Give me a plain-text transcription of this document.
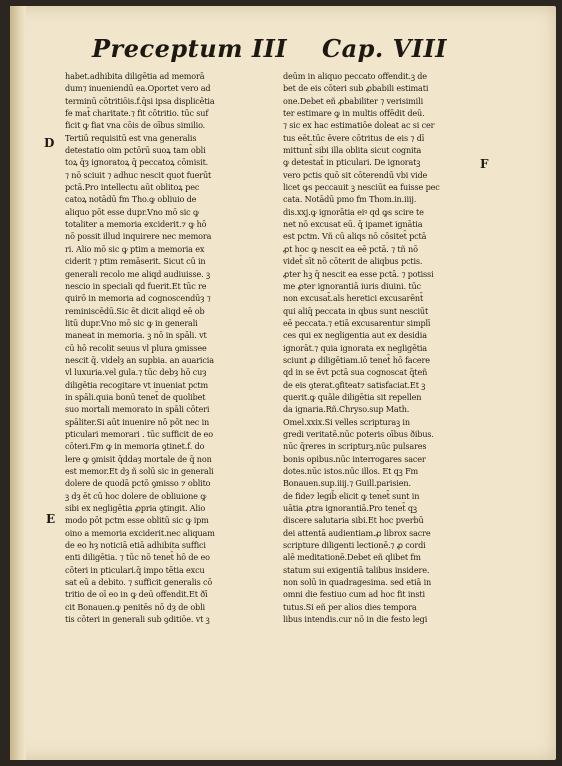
Preceptum III Cap. VIII
habet.adhibita diligētia ad memorā
dum⁊ inueniendū ea.Oportet vero ad
terminū cōtritiōis.f.q̄si ipsa displicētia
fe mat̄ charitate.⁊ fit cōtritio. tūc suf
ficit ꝙ fiat vna cōis de oībus similio.
Tertiū requisitū est vna generalis
detestatio oim pctōrū suoꝝ tam obli
toꝝ q̄ȝ ignoratoꝝ q̄ peccatoꝝ cōmisit.
⁊ nō sciuit ⁊ adhuc nescit quot fuerūt
pctā.Pro intellectu aūt oblitoꝝ pec
catoꝝ notādū fm Tho.ꝙ obliuio de
aliquo pōt esse dupr.Vno mō sic ꝙ
totaliter a memoria exciderit.⁊ ꝙ hō
nō possit illud inquirere nec memora
ri. Alio mō sic ꝙ ptim a memoria ex
ciderit ⁊ ptim remāserit. Sicut cū in
generali recolo me aliqd audiuisse. ꝫ
nescio in speciali qd fuerit.Et tūc re
quirō in memoria ad cognoscendūȝ ⁊
reminiscēdū.Sic ēt dicit aliqd eē ob
litū dupr.Vno mō sic ꝙ in generali
maneat in memoria. ꝫ nō in spāli. vt
cū hō recolit seuus vl plura ꝯmissee
nescit q̄. videlȝ an supbia. an auaricia
vl luxuria.vel gula.⁊ tūc debȝ hō cuȝ
diligētia recogitare vt inueniat pctm
in spāli.quia bonū tenet̄ de quolibet
suo mortali memorato in spāli cōteri
spāliter.Si aūt inuenire nō pōt nec in
pticulari memorari . tūc sufficit de eo
cōteri.Fm ꝙ in memoria ꝯtinet.f. do
lere ꝙ ꝯmisit q̄ddaȝ mortale de q̄ non
est memor.Et dȝ ñ solū sic in generali
dolere de quodā pctō ꝯmisso ⁊ oblito
ꝫ dȝ ēt cū hoc dolere de obliuione ꝙ
sibi ex negligētia ꝓpria ꝯtingit. Alio
modo pōt pctm esse oblitū sic ꝙ ipm
oino a memoria exciderit.nec aliquam
de eo hȝ noticiā etiā adhibita suffici
enti diligētia. ⁊ tūc nō tenet̄ hō de eo
cōteri in pticulari.q̄ impo tētia excu
sat eū a debito. ⁊ sufficit generalis cō
tritio de oī eo in ꝙ deū offendit.Et ðī
cit Bonauen.ꝙ penitēs nō dȝ de obli
tis cōteri in generali sub ꝯditiōe. vt ꝫ
deūm in aliquo peccato offendit.ꝫ de
bet de eis cōteri sub ꝓbabili estimati
one.Debet eñ ꝓbabiliter ⁊ verisimili
ter estimare ꝙ in multis offēdit deū.
⁊ sic ex hac estimatiōe doleat ac si cer
tus eēt.tūc ēvere cōtritus de eis ⁊ dī
mittunt̄ sibi illa oblita sicut cognita
ꝙ detestat̄ in pticulari. De ignoratꝫ
vero pctis quō sit cōterendū vbi vide
licet ꝙs peccauit ꝫ nesciūt ea fuisse pec
cata. Notādū pmo fm Thom.in.iiij.
dis.xxj.ꝙ ignorātia eiꝰ qd ꝙs scire te
net nō excusat eū. q̄ ipamet ignātia
est pctm. Vñ cū aliqs nō cōsitet̄ pctā
ꝓt hoc ꝙ nescit ea eē pctā. ⁊ tñ nō
videt̄ sīt nō cōterit de aliqbus pctis.
ꝓter hꝫ q̄ nescit ea esse pctā. ⁊ potissi
me ꝓter ignorantiā iuris diuini. tūc
non excusat̄.als heretici excusarēnt̄
qui aliq̄ peccata in qbus sunt nesciūt
eē peccata.⁊ etiā excusarentur simplī
ces qui ex negligentia aut ex desidia
ignorāt.⁊ quia ignorata ex negligētia
sciunt ꝓ diligētiam.iō tenet̄ hō facere
qd in se ēvt pctā sua cognoscat q̄teñ
de eis ꝯterat.ꝯfiteat⁊ satisfaciat.Et ꝫ
querit.ꝙ quāle diligētia sit repellen
da ignaria.Rñ.Chryso.sup Math.
Omel.xxix.Si velles scripturaꝫ in
gredi veritatē.nūc poteris oībus ðibus.
nūc q̄reres in scripturꝫ.nūc pulsares
bonis opibus.nūc interrogares sacer
dotes.nūc istos.nūc illos. Et qꝫ Fm
Bonauen.sup.iiij.⁊ Guill.parisien.
de fide⁊ legib̄ elicit ꝙ tenet̄ sunt in
uātia ꝓtra ignorantiā.Pro tenet̄ qꝫ
discere salutaria sibi.Et hoc pverbū
dei attentā audientiam.ꝓ librox sacre
scripture diligenti lectionē.⁊ ꝓ cordi
alē meditationē.Debet eñ qlibet fm
statum sui exigentiā talibus insidere.
non solū in quadragesima. sed etiā in
omni die festiuo cum ad hoc fit insti
tutus.Si eñ per alios dies tempora
libus intendis.cur nō in die festo legi
D
E
F
